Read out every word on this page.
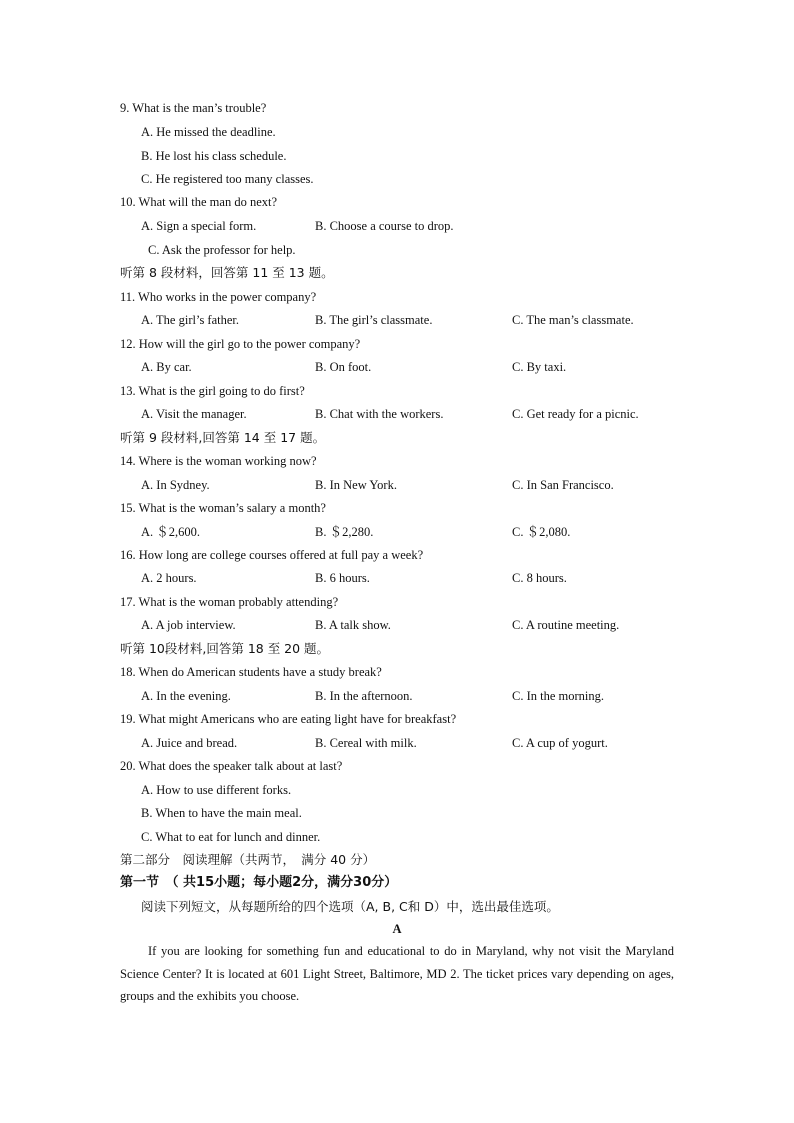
9. What is the man’s trouble?
A. He missed the deadline.
B. He lost his class schedule.
C. He registered too many classes.
10. What will the man do next?
A. Sign a special form.	B. Choose a course to drop.
C. Ask the professor for help.
听第 8 段材料，回答第 11 至 13 题。
11. Who works in the power company?
A. The girl’s father.	B. The girl’s classmate.	C. The man’s classmate.
12. How will the girl go to the power company?
A. By car.	B. On foot.	C. By taxi.
13. What is the girl going to do first?
A. Visit the manager.	B. Chat with the workers.	C. Get ready for a picnic.
听第 9 段材料,回答第 14 至 17 题。
14. Where is the woman working now?
A. In Sydney.	B. In New York.	C. In San Francisco.
15. What is the woman’s salary a month?
A. ＄2,600.	B. ＄2,280.	C. ＄2,080.
16. How long are college courses offered at full pay a week?
A. 2 hours.	B. 6 hours.	C. 8 hours.
17. What is the woman probably attending?
A. A job interview.	B. A talk show.	C. A routine meeting.
听第 10段材料,回答第 18 至 20 题。
18. When do American students have a study break?
A. In the evening.	B. In the afternoon.	C. In the morning.
19. What might Americans who are eating light have for breakfast?
A. Juice and bread.	B. Cereal with milk.	C. A cup of yogurt.
20. What does the speaker talk about at last?
A. How to use different forks.
B. When to have the main meal.
C. What to eat for lunch and dinner.
第二部分　阅读理解（共两节，　满分 40 分）
第一节　（ 共15小题；每小题2分，满分30分）
阅读下列短文，从每题所给的四个选项（A, B, C和 D）中，选出最佳选项。
A
If you are looking for something fun and educational to do in Maryland, why not visit the Maryland Science Center? It is located at 601 Light Street, Baltimore, MD 2. The ticket prices vary depending on ages, groups and the exhibits you choose.
